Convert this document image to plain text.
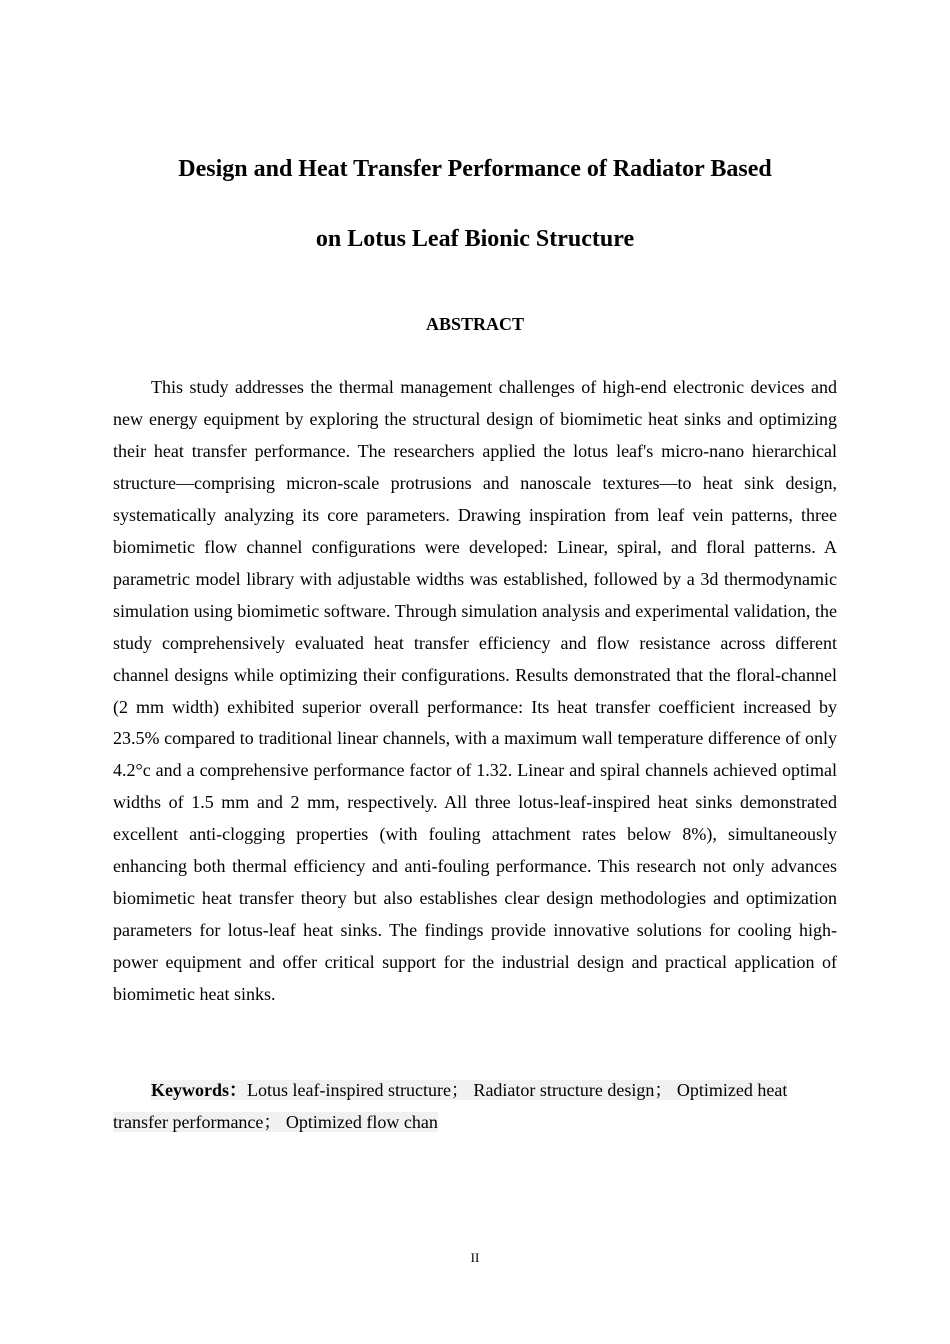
Design and Heat Transfer Performance of Radiator Based
on Lotus Leaf Bionic Structure
ABSTRACT

This study addresses the thermal management challenges of high-end electronic devices and new energy equipment by exploring the structural design of biomimetic heat sinks and optimizing their heat transfer performance. The researchers applied the lotus leaf's micro-nano hierarchical structure—comprising micron-scale protrusions and nanoscale textures—to heat sink design, systematically analyzing its core parameters. Drawing inspiration from leaf vein patterns, three biomimetic flow channel configurations were developed: Linear, spiral, and floral patterns. A parametric model library with adjustable widths was established, followed by a 3d thermodynamic simulation using biomimetic software. Through simulation analysis and experimental validation, the study comprehensively evaluated heat transfer efficiency and flow resistance across different channel designs while optimizing their configurations. Results demonstrated that the floral-channel (2 mm width) exhibited superior overall performance: Its heat transfer coefficient increased by 23.5% compared to traditional linear channels, with a maximum wall temperature difference of only 4.2°c and a comprehensive performance factor of 1.32. Linear and spiral channels achieved optimal widths of 1.5 mm and 2 mm, respectively. All three lotus-leaf-inspired heat sinks demonstrated excellent anti-clogging properties (with fouling attachment rates below 8%), simultaneously enhancing both thermal efficiency and anti-fouling performance. This research not only advances biomimetic heat transfer theory but also establishes clear design methodologies and optimization parameters for lotus-leaf heat sinks. The findings provide innovative solutions for cooling high-power equipment and offer critical support for the industrial design and practical application of biomimetic heat sinks.

Keywords：Lotus leaf-inspired structure； Radiator structure design； Optimized heat transfer performance； Optimized flow chan

II
